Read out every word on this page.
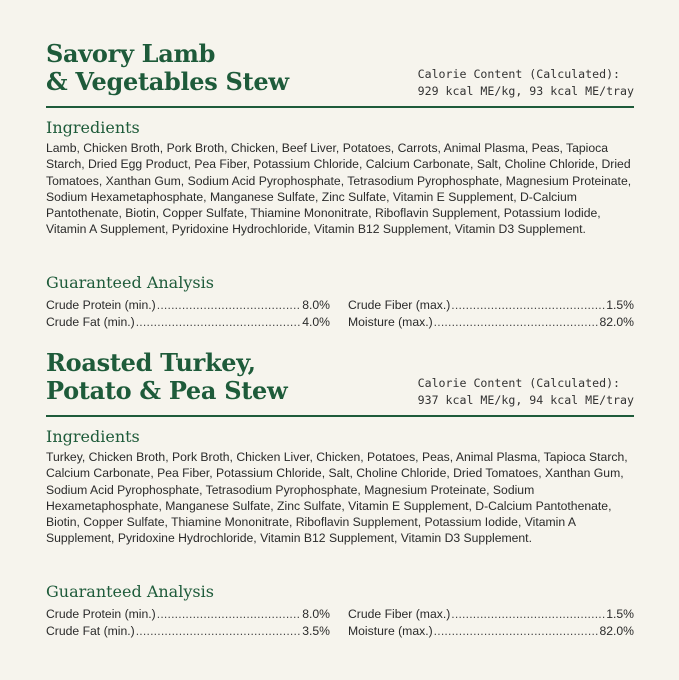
Savory Lamb
& Vegetables Stew	Calorie Content (Calculated):
929 kcal ME/kg, 93 kcal ME/tray
Ingredients

Lamb, Chicken Broth, Pork Broth, Chicken, Beef Liver, Potatoes, Carrots, Animal Plasma, Peas, Tapioca Starch, Dried Egg Product, Pea Fiber, Potassium Chloride, Calcium Carbonate, Salt, Choline Chloride, Dried Tomatoes, Xanthan Gum, Sodium Acid Pyrophosphate, Tetrasodium Pyrophosphate, Magnesium Proteinate, Sodium Hexametaphosphate, Manganese Sulfate, Zinc Sulfate, Vitamin E Supplement, D-Calcium Pantothenate, Biotin, Copper Sulfate, Thiamine Mononitrate, Riboflavin Supplement, Potassium Iodide, Vitamin A Supplement, Pyridoxine Hydrochloride, Vitamin B12 Supplement, Vitamin D3 Supplement.

Guaranteed Analysis
Crude Protein (min.) .....	8.0% Crude Fiber (max.) .....	1.5%
Crude Fat (min.) .....	4.0% Moisture (max.) .....	82.0%
Roasted Turkey,
Potato & Pea Stew	Calorie Content (Calculated):
937 kcal ME/kg, 94 kcal ME/tray
Ingredients

Turkey, Chicken Broth, Pork Broth, Chicken Liver, Chicken, Potatoes, Peas, Animal Plasma, Tapioca Starch, Calcium Carbonate, Pea Fiber, Potassium Chloride, Salt, Choline Chloride, Dried Tomatoes, Xanthan Gum, Sodium Acid Pyrophosphate, Tetrasodium Pyrophosphate, Magnesium Proteinate, Sodium Hexametaphosphate, Manganese Sulfate, Zinc Sulfate, Vitamin E Supplement, D-Calcium Pantothenate, Biotin, Copper Sulfate, Thiamine Mononitrate, Riboflavin Supplement, Potassium Iodide, Vitamin A Supplement, Pyridoxine Hydrochloride, Vitamin B12 Supplement, Vitamin D3 Supplement.

Guaranteed Analysis
Crude Protein (min.) .....	8.0% Crude Fiber (max.) .....	1.5%
Crude Fat (min.) .....	3.5% Moisture (max.) .....	82.0%
